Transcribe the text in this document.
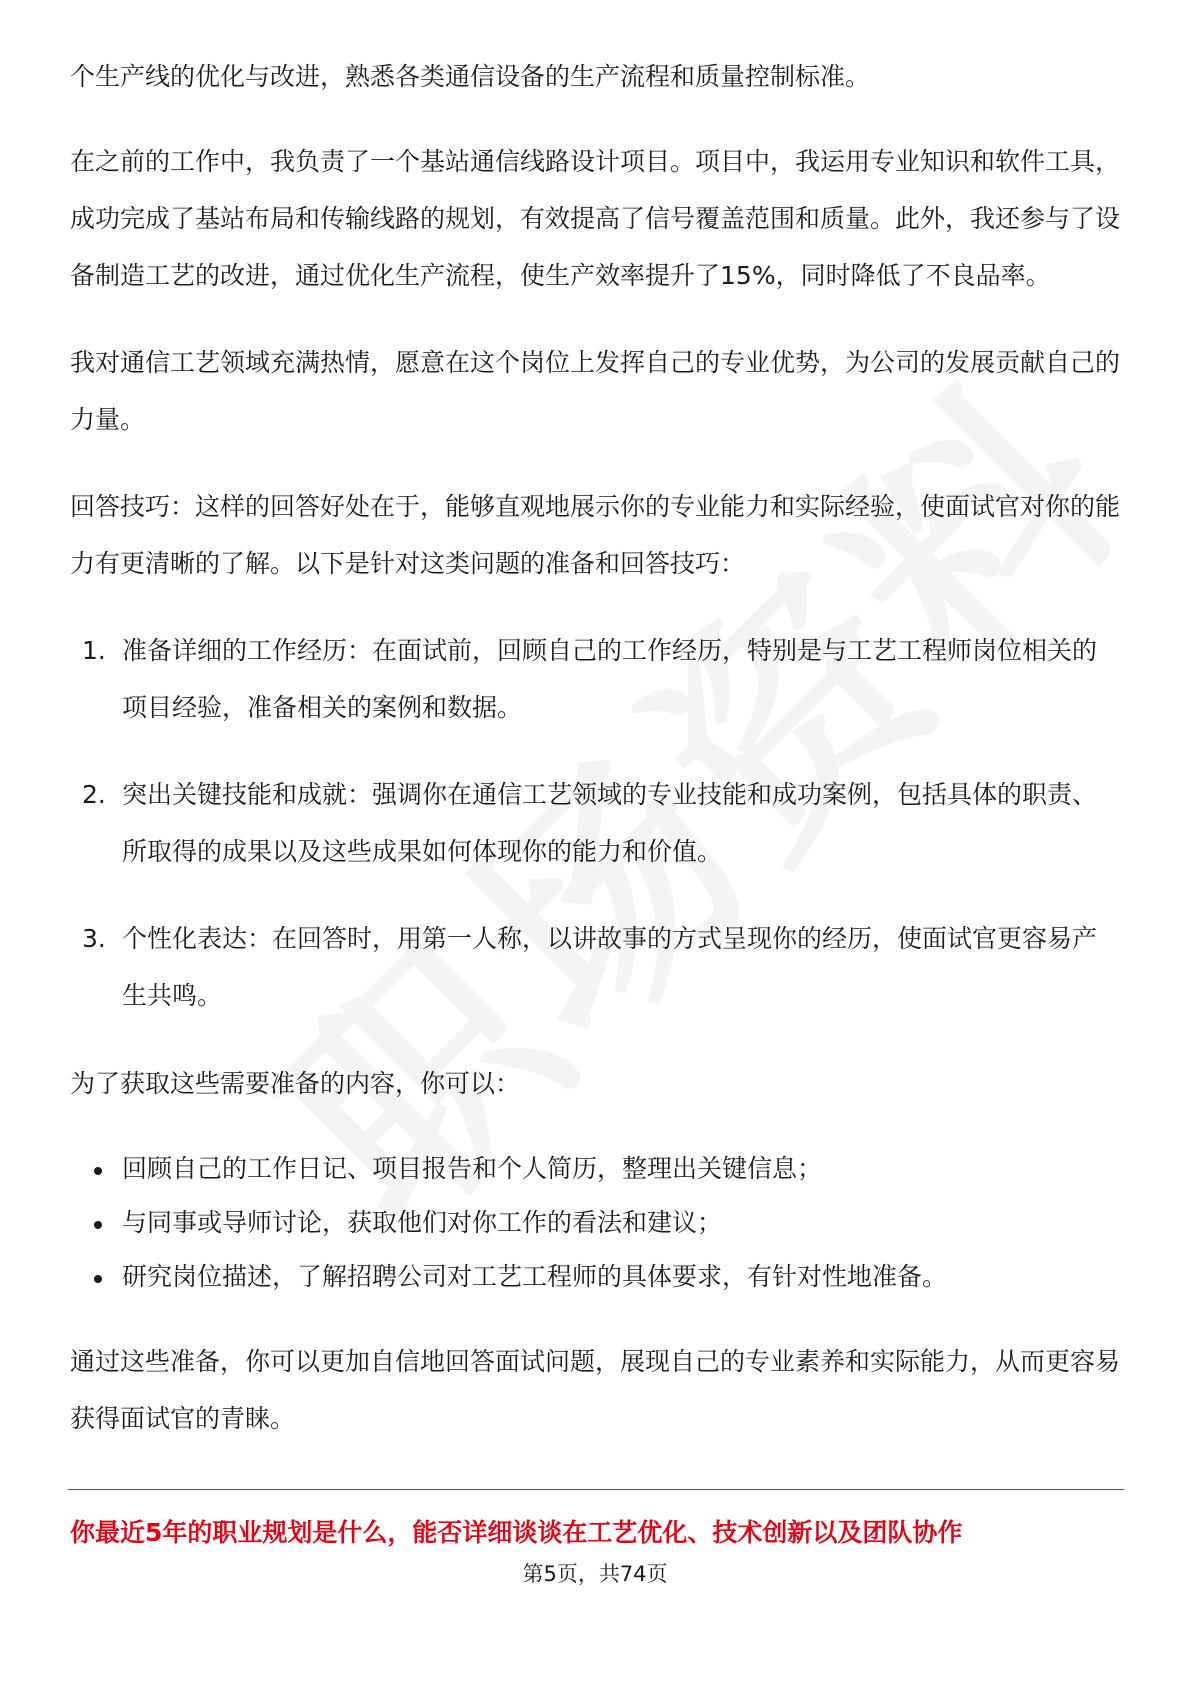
个生产线的优化与改进，熟悉各类通信设备的生产流程和质量控制标准。

在之前的工作中，我负责了一个基站通信线路设计项目。项目中，我运用专业知识和软件工具，成功完成了基站布局和传输线路的规划，有效提高了信号覆盖范围和质量。此外，我还参与了设备制造工艺的改进，通过优化生产流程，使生产效率提升了15%，同时降低了不良品率。

我对通信工艺领域充满热情，愿意在这个岗位上发挥自己的专业优势，为公司的发展贡献自己的力量。

回答技巧：这样的回答好处在于，能够直观地展示你的专业能力和实际经验，使面试官对你的能力有更清晰的了解。以下是针对这类问题的准备和回答技巧：

1. 准备详细的工作经历：在面试前，回顾自己的工作经历，特别是与工艺工程师岗位相关的项目经验，准备相关的案例和数据。
2. 突出关键技能和成就：强调你在通信工艺领域的专业技能和成功案例，包括具体的职责、所取得的成果以及这些成果如何体现你的能力和价值。
3. 个性化表达：在回答时，用第一人称，以讲故事的方式呈现你的经历，使面试官更容易产生共鸣。

为了获取这些需要准备的内容，你可以：

回顾自己的工作日记、项目报告和个人简历，整理出关键信息；
与同事或导师讨论，获取他们对你工作的看法和建议；
研究岗位描述，了解招聘公司对工艺工程师的具体要求，有针对性地准备。

通过这些准备，你可以更加自信地回答面试问题，展现自己的专业素养和实际能力，从而更容易获得面试官的青睐。

你最近5年的职业规划是什么，能否详细谈谈在工艺优化、技术创新以及团队协作
第5页，共74页
